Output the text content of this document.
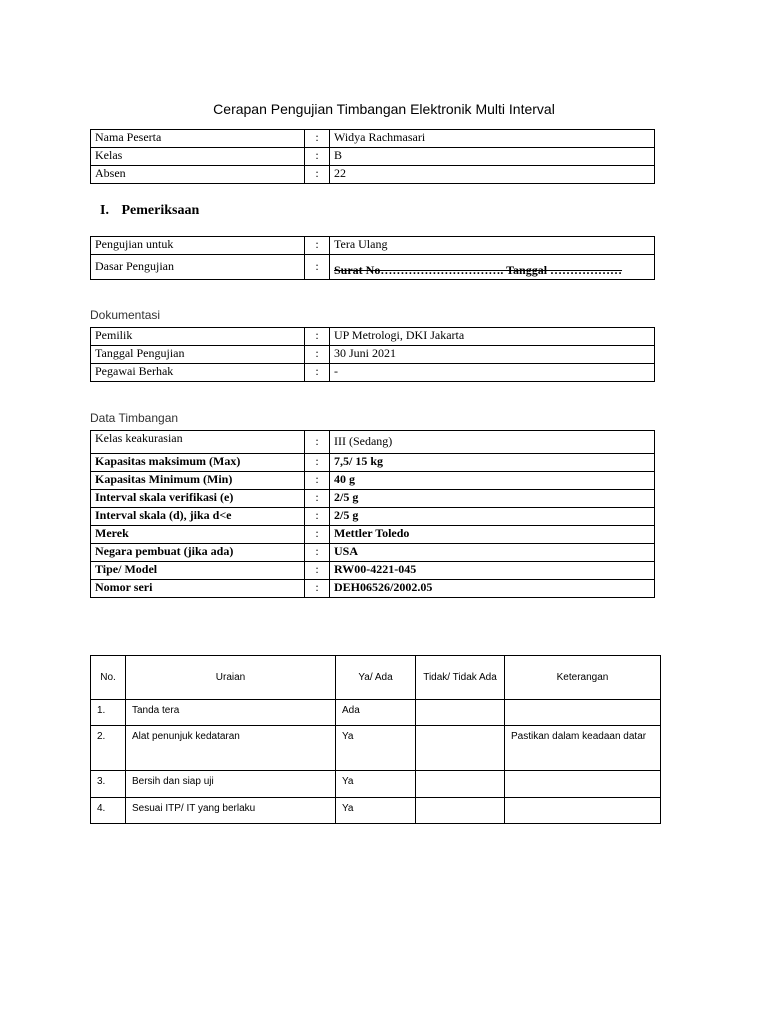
Cerapan Pengujian Timbangan Elektronik Multi Interval
Nama Peserta	:	Widya Rachmasari
Kelas	:	B
Absen	:	22
I. Pemeriksaan
Pengujian untuk	:	Tera Ulang
Dasar Pengujian	:	Surat No…………………………. Tanggal ………………
Dokumentasi
Pemilik	:	UP Metrologi, DKI Jakarta
Tanggal Pengujian	:	30 Juni 2021
Pegawai Berhak	:	-
Data Timbangan
Kelas keakurasian	:	III (Sedang)
Kapasitas maksimum (Max)	:	7,5/ 15 kg
Kapasitas Minimum (Min)	:	40 g
Interval skala verifikasi (e)	:	2/5 g
Interval skala (d), jika d<e	:	2/5 g
Merek	:	Mettler Toledo
Negara pembuat (jika ada)	:	USA
Tipe/ Model	:	RW00-4221-045
Nomor seri	:	DEH06526/2002.05
No.	Uraian	Ya/ Ada	Tidak/ Tidak Ada	Keterangan
1.	Tanda tera	Ada		
2.	Alat penunjuk kedataran	Ya		Pastikan dalam keadaan datar
3.	Bersih dan siap uji	Ya		
4.	Sesuai ITP/ IT yang berlaku	Ya		
